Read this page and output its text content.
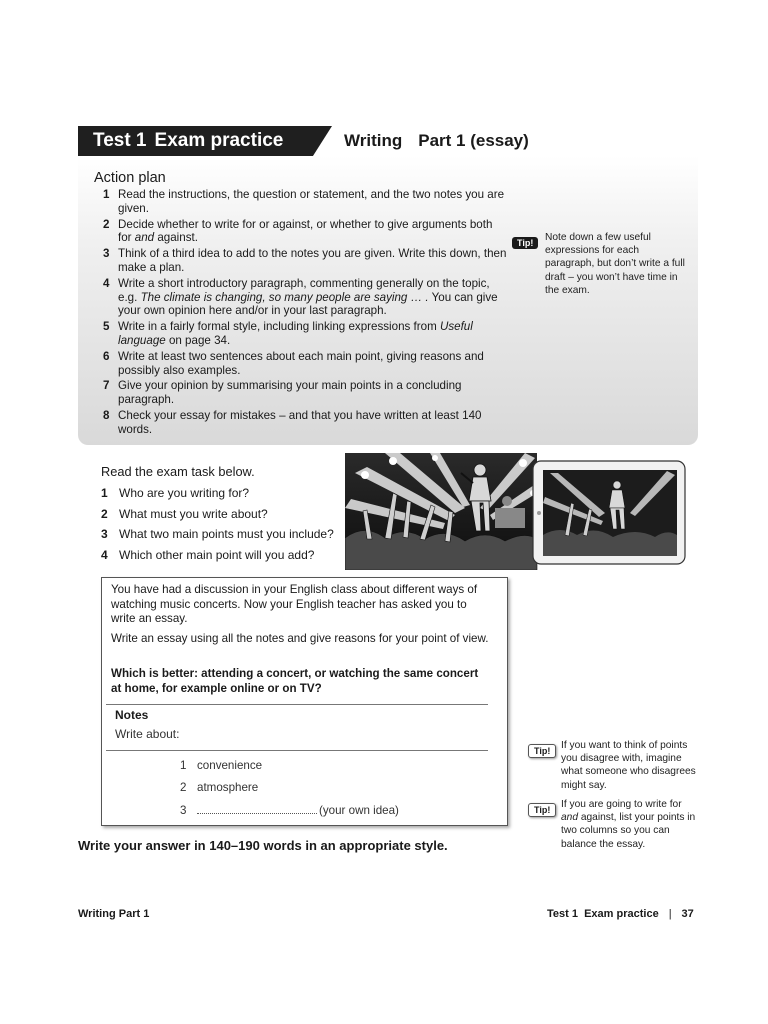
Test 1 Exam practice	Writing Part 1 (essay)
Action plan
1 Read the instructions, the question or statement, and the two notes you are given.
2 Decide whether to write for or against, or whether to give arguments both for and against.
3 Think of a third idea to add to the notes you are given. Write this down, then make a plan.
4 Write a short introductory paragraph, commenting generally on the topic, e.g. The climate is changing, so many people are saying … . You can give your own opinion here and/or in your last paragraph.
5 Write in a fairly formal style, including linking expressions from Useful language on page 34.
6 Write at least two sentences about each main point, giving reasons and possibly also examples.
7 Give your opinion by summarising your main points in a concluding paragraph.
8 Check your essay for mistakes – and that you have written at least 140 words.
Tip!	Note down a few useful expressions for each paragraph, but don’t write a full draft – you won’t have time in the exam.
Read the exam task below.
1 Who are you writing for?
2 What must you write about?
3 What two main points must you include?
4 Which other main point will you add?

You have had a discussion in your English class about different ways of watching music concerts. Now your English teacher has asked you to write an essay.

Write an essay using all the notes and give reasons for your point of view.

Which is better: attending a concert, or watching the same concert at home, for example online or on TV?

Notes
Write about:
1 convenience
2 atmosphere
3	(your own idea)
Tip!	If you want to think of points you disagree with, imagine what someone who disagrees might say.
Tip!	If you are going to write for and against, list your points in two columns so you can balance the essay.
Write your answer in 140–190 words in an appropriate style.
Writing Part 1	Test 1  Exam practice | 37
